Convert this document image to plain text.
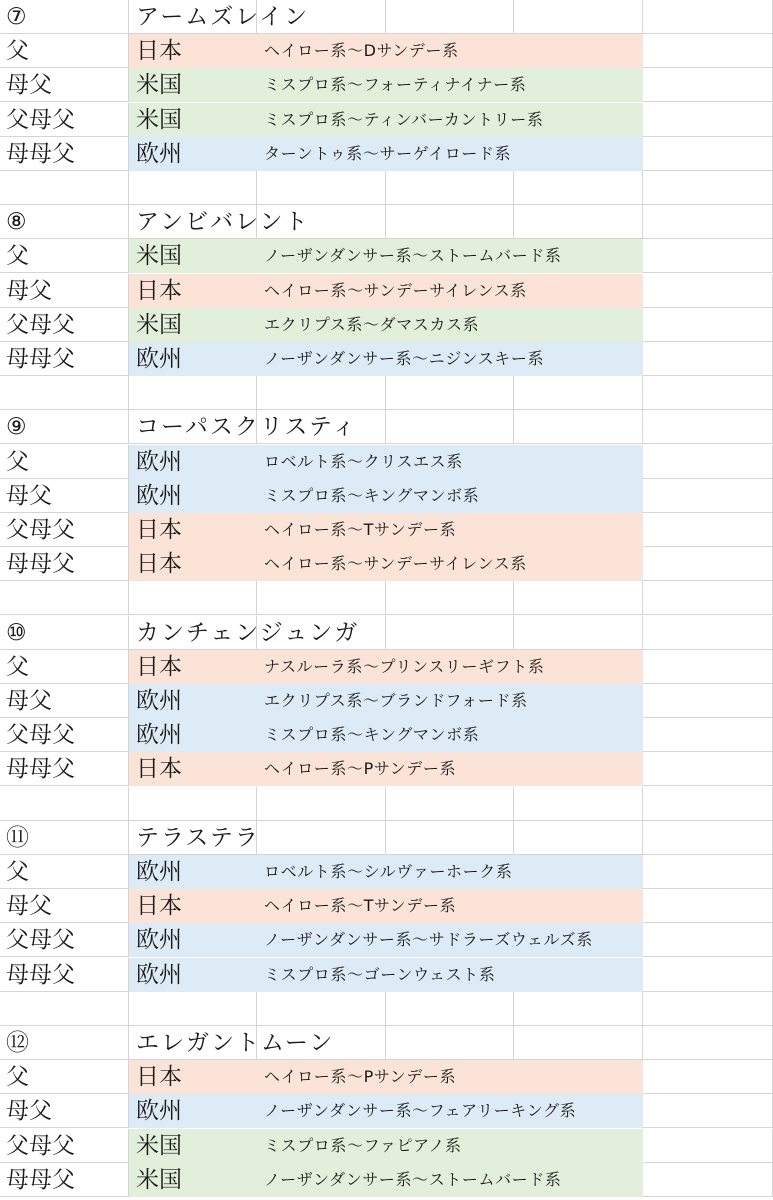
⑦	アームズレイン
父	日本	ヘイロー系〜Dサンデー系
母父	米国	ミスプロ系〜フォーティナイナー系
父母父	米国	ミスプロ系〜ティンバーカントリー系
母母父	欧州	ターントゥ系〜サーゲイロード系
⑧	アンビバレント
父	米国	ノーザンダンサー系〜ストームバード系
母父	日本	ヘイロー系〜サンデーサイレンス系
父母父	米国	エクリプス系〜ダマスカス系
母母父	欧州	ノーザンダンサー系〜ニジンスキー系
⑨	コーパスクリスティ
父	欧州	ロベルト系〜クリスエス系
母父	欧州	ミスプロ系〜キングマンボ系
父母父	日本	ヘイロー系〜Tサンデー系
母母父	日本	ヘイロー系〜サンデーサイレンス系
⑩	カンチェンジュンガ
父	日本	ナスルーラ系〜プリンスリーギフト系
母父	欧州	エクリプス系〜ブランドフォード系
父母父	欧州	ミスプロ系〜キングマンボ系
母母父	日本	ヘイロー系〜Pサンデー系
⑪	テラステラ
父	欧州	ロベルト系〜シルヴァーホーク系
母父	日本	ヘイロー系〜Tサンデー系
父母父	欧州	ノーザンダンサー系〜サドラーズウェルズ系
母母父	欧州	ミスプロ系〜ゴーンウェスト系
⑫	エレガントムーン
父	日本	ヘイロー系〜Pサンデー系
母父	欧州	ノーザンダンサー系〜フェアリーキング系
父母父	米国	ミスプロ系〜ファピアノ系
母母父	米国	ノーザンダンサー系〜ストームバード系
